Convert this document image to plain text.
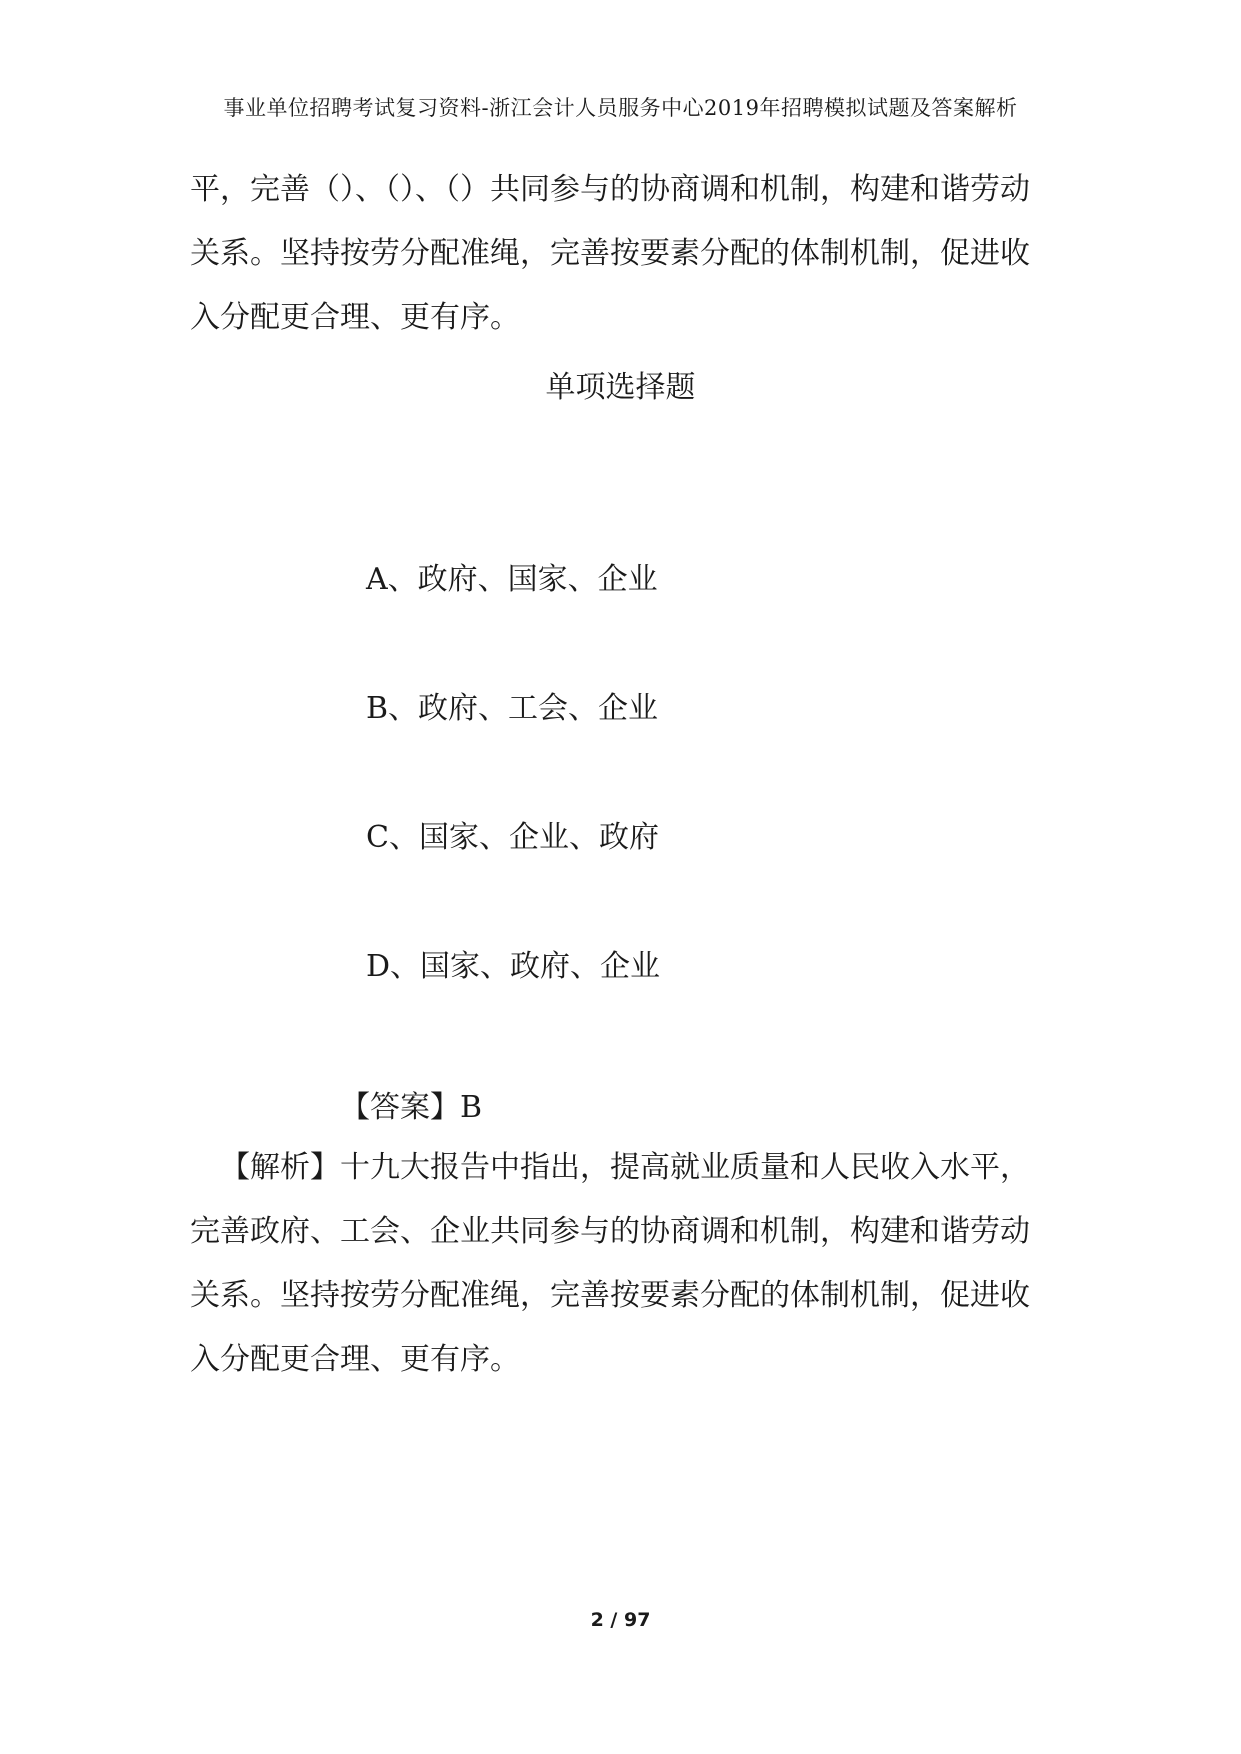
事业单位招聘考试复习资料-浙江会计人员服务中心2019年招聘模拟试题及答案解析
平，完善（）、（）、（）共同参与的协商调和机制，构建和谐劳动
关系。坚持按劳分配准绳，完善按要素分配的体制机制，促进收
入分配更合理、更有序。
单项选择题
A、政府、国家、企业
B、政府、工会、企业
C、国家、企业、政府
D、国家、政府、企业
【答案】B
【解析】十九大报告中指出，提高就业质量和人民收入水平，
完善政府、工会、企业共同参与的协商调和机制，构建和谐劳动
关系。坚持按劳分配准绳，完善按要素分配的体制机制，促进收
入分配更合理、更有序。
2 / 97
